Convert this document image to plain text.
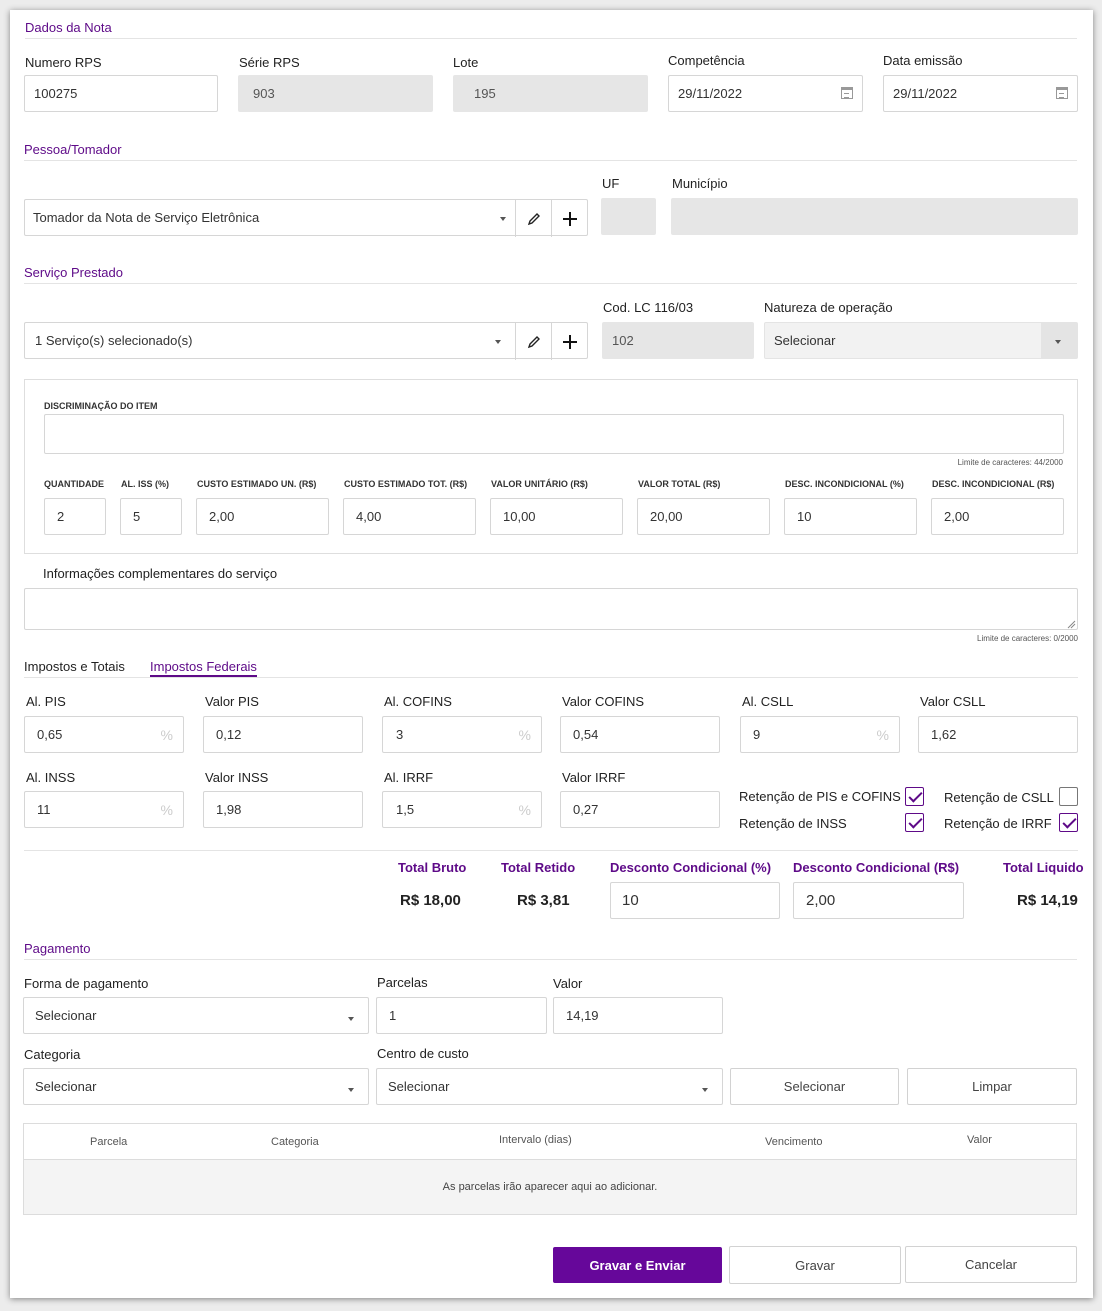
Dados da Nota
Numero RPS
100275
Série RPS
903
Lote
195
Competência
29/11/2022
Data emissão
29/11/2022
Pessoa/Tomador
Tomador da Nota de Serviço Eletrônica
UF	Município
Serviço Prestado
1 Serviço(s) selecionado(s)
Cod. LC 116/03
102
Natureza de operação
Selecionar
DISCRIMINAÇÃO DO ITEM
Limite de caracteres: 44/2000
QUANTIDADE
2
AL. ISS (%)
5
CUSTO ESTIMADO UN. (R$)
2,00
CUSTO ESTIMADO TOT. (R$)
4,00
VALOR UNITÁRIO (R$)
10,00
VALOR TOTAL (R$)
20,00
DESC. INCONDICIONAL (%)
10
DESC. INCONDICIONAL (R$)
2,00
Informações complementares do serviço
Limite de caracteres: 0/2000
Impostos e Totais Impostos Federais
Al. PIS
0,65	%
Valor PIS
0,12
Al. COFINS
3	%
Valor COFINS
0,54
Al. CSLL
9	%
Valor CSLL
1,62
Al. INSS
11	%
Valor INSS
1,98
Al. IRRF
1,5	%
Valor IRRF
0,27
Retenção de PIS e COFINS	Retenção de CSLL
Retenção de INSS	Retenção de IRRF
Total Bruto
R$ 18,00
Total Retido
R$ 3,81
Desconto Condicional (%)
10
Desconto Condicional (R$)
2,00
Total Liquido
R$ 14,19
Pagamento
Forma de pagamento
Selecionar
Parcelas
1
Valor
14,19
Categoria
Selecionar
Centro de custo
Selecionar	Selecionar	Limpar
Parcela	Categoria	Intervalo (dias)	Vencimento	Valor
As parcelas irão aparecer aqui ao adicionar.
Gravar e Enviar	Gravar	Cancelar
